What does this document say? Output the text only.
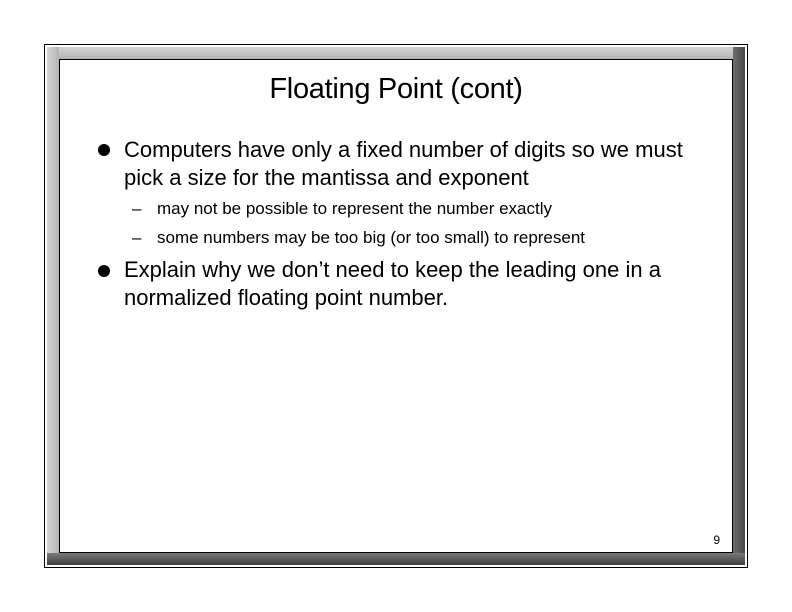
Floating Point (cont)
Computers have only a fixed number of digits so we must pick a size for the mantissa and exponent
– may not be possible to represent the number exactly
– some numbers may be too big (or too small) to represent
Explain why we don’t need to keep the leading one in a normalized floating point number.
9
